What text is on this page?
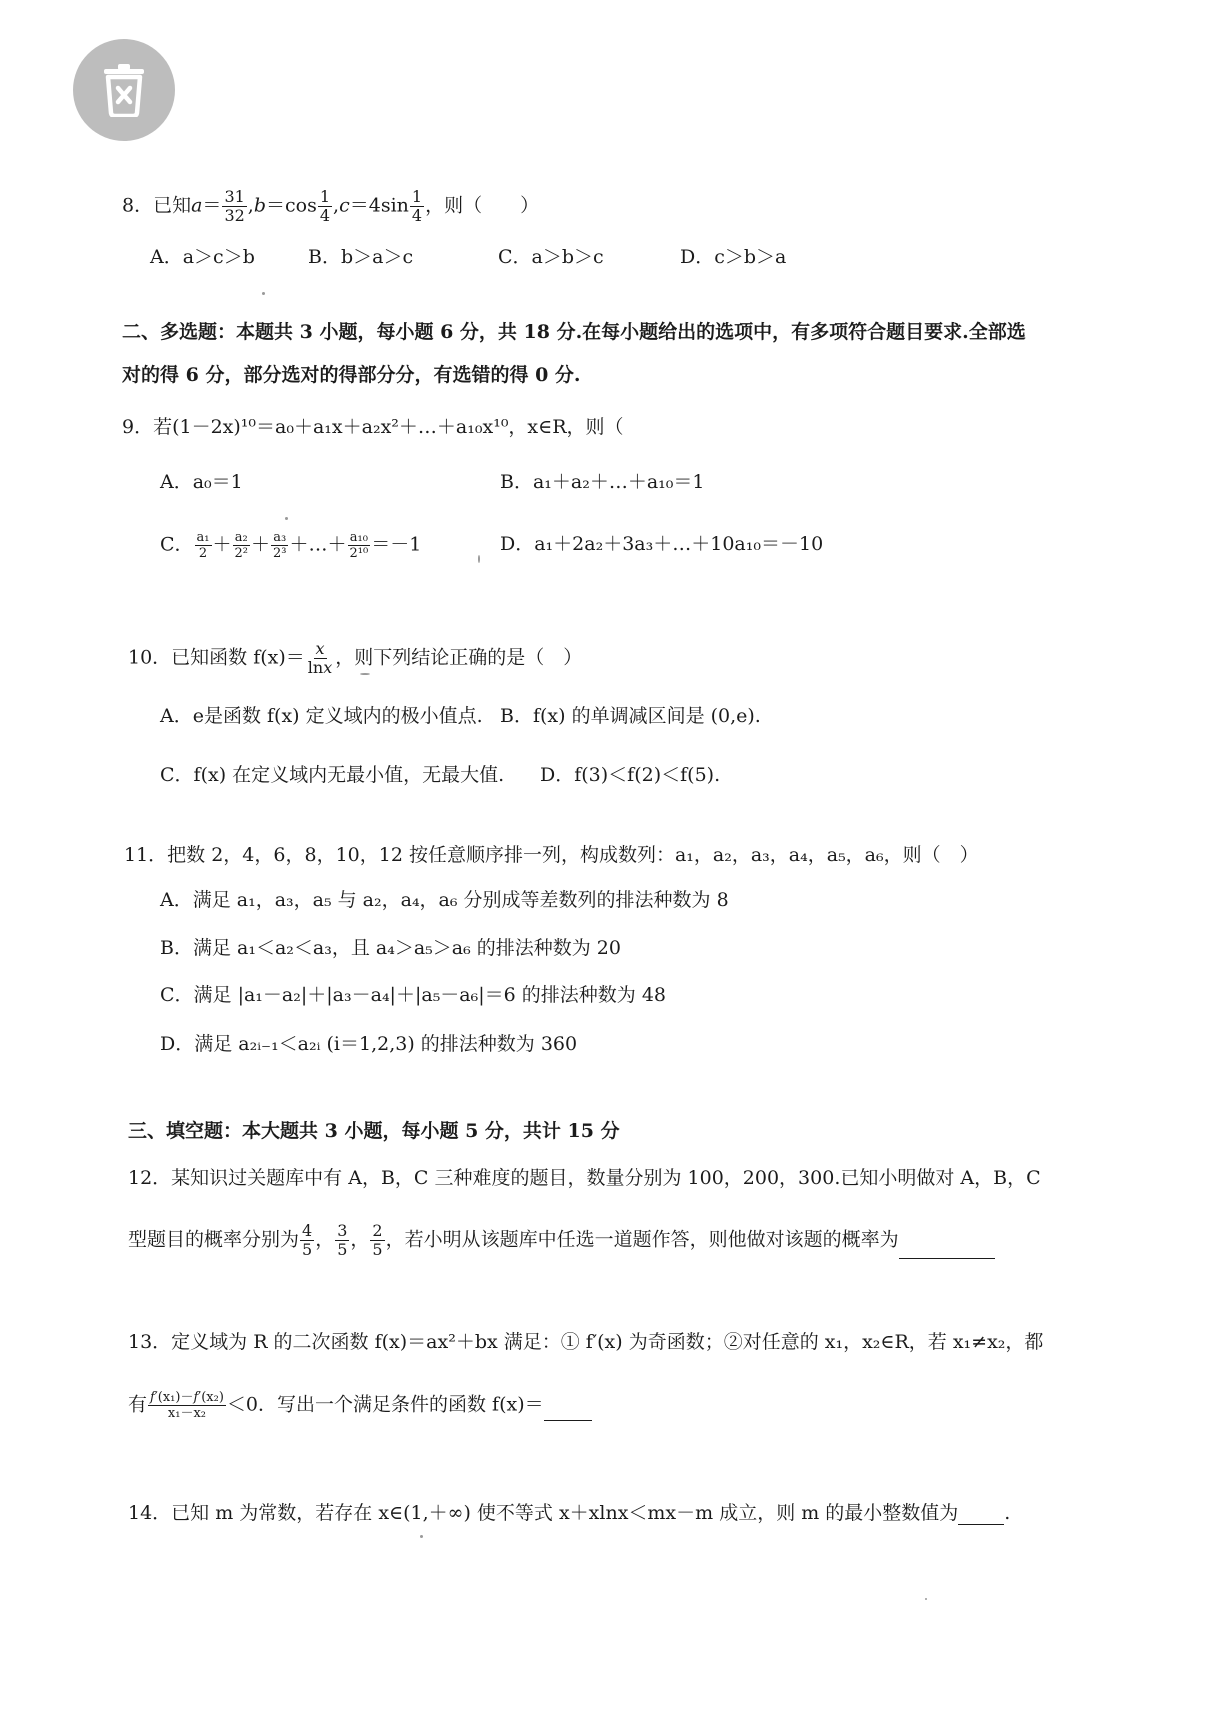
8．已知$a= \frac{31}{32} ,b=\cos \frac{1}{4} ,c=4\sin \frac{1}{4}$ ，则（　　）
A．a＞c＞b	B．b＞a＞c	C．a＞b＞c	D．c＞b＞a
二、多选题：本题共 3 小题，每小题 6 分，共 18 分.在每小题给出的选项中，有多项符合题目要求.全部选
对的得 6 分，部分选对的得部分分，有选错的得 0 分.
9．若(1－2x)¹⁰＝a₀＋a₁x＋a₂x²＋…＋a₁₀x¹⁰，x∈R，则（
A．a₀＝1	B．a₁＋a₂＋…＋a₁₀＝1
C． $\frac{\text{a₁}}{2} + \frac{\text{a₂}}{\text{2²}} + \frac{\text{a₃}}{\text{2³}}$ ＋…＋ $\frac{\text{a₁₀}}{\text{2¹⁰}} =-1$	D．a₁＋2a₂＋3a₃＋…＋10a₁₀＝－10
10．已知函数 $f(x)= \frac{x}{\ln x}$ ，则下列结论正确的是（　）
A．e是函数 f(x) 定义域内的极小值点. B．f(x) 的单调减区间是 (0,e).
C．f(x) 在定义域内无最小值，无最大值. D．f(3)＜f(2)＜f(5).
11．把数 2，4，6，8，10，12 按任意顺序排一列，构成数列：a₁，a₂，a₃，a₄，a₅，a₆，则（　）
A．满足 a₁，a₃，a₅ 与 a₂，a₄，a₆ 分别成等差数列的排法种数为 8
B．满足 a₁＜a₂＜a₃，且 a₄＞a₅＞a₆ 的排法种数为 20
C．满足 |a₁－a₂|＋|a₃－a₄|＋|a₅－a₆|＝6 的排法种数为 48
D．满足 a₂ᵢ₋₁＜a₂ᵢ (i＝1,2,3) 的排法种数为 360
三、填空题：本大题共 3 小题，每小题 5 分，共计 15 分
12．某知识过关题库中有 A，B，C 三种难度的题目，数量分别为 100，200，300.已知小明做对 A，B，C
型题目的概率分别为 $\frac{4}{5}$ ， $\frac{3}{5}$ ， $\frac{2}{5}$ ，若小明从该题库中任选一道题作答，则他做对该题的概率为
13．定义域为 R 的二次函数 f(x)＝ax²＋bx 满足：① f′(x) 为奇函数；②对任意的 x₁，x₂∈R，若 x₁≠x₂，都
有 $\frac{\text{f′(x₁)－f′(x₂)}}{\text{x₁－x₂}} <0$．写出一个满足条件的函数 f(x)＝
14．已知 m 为常数，若存在 x∈(1,＋∞) 使不等式 x＋xlnx＜mx－m 成立，则 m 的最小整数值为 .
